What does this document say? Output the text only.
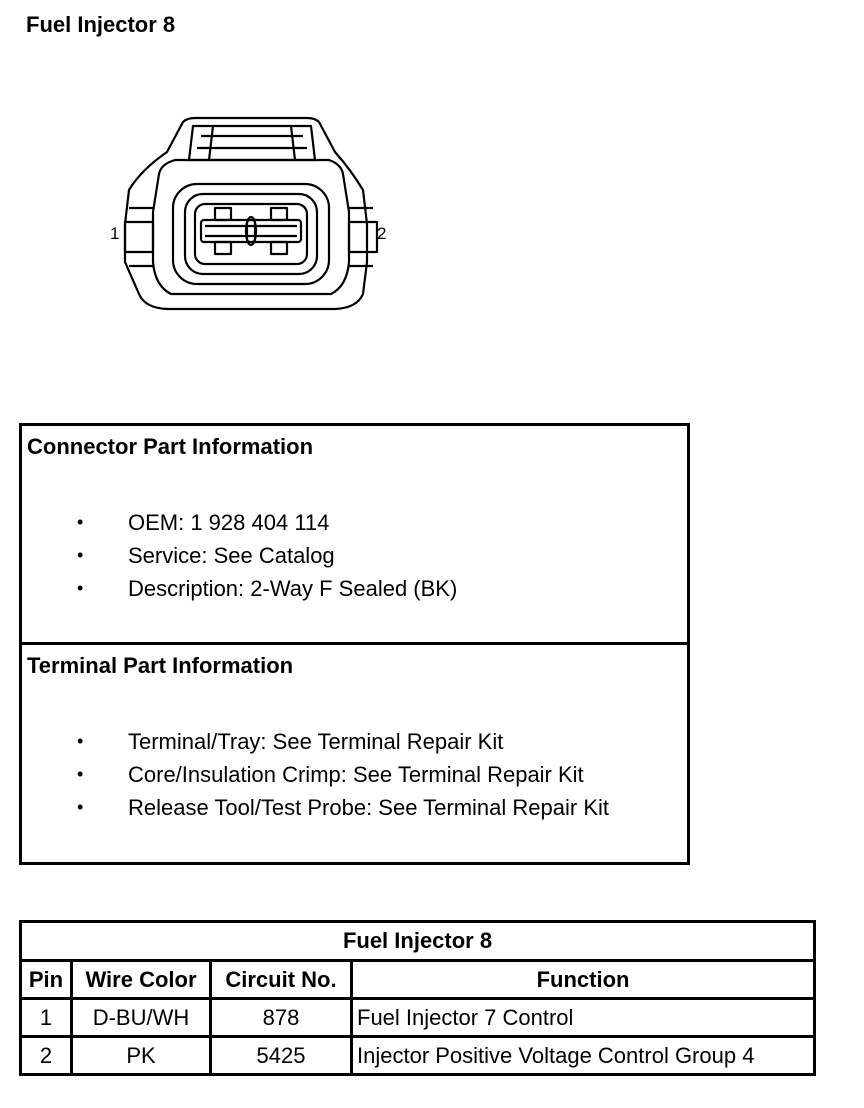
Fuel Injector 8
1	2
Connector Part Information
• OEM: 1 928 404 114
• Service: See Catalog
• Description: 2-Way F Sealed (BK)
Terminal Part Information
• Terminal/Tray: See Terminal Repair Kit
• Core/Insulation Crimp: See Terminal Repair Kit
• Release Tool/Test Probe: See Terminal Repair Kit
Fuel Injector 8			
Pin	Wire Color	Circuit No.	Function
1	D-BU/WH	878	Fuel Injector 7 Control
2	PK	5425	Injector Positive Voltage Control Group 4
